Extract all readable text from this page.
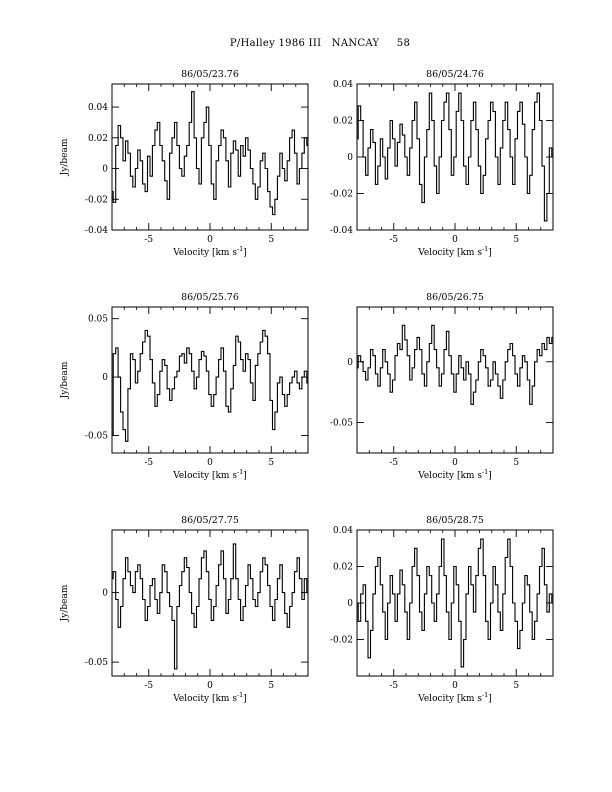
P/Halley 1986 III   NANCAY     58
-5	0	5
-0.04
-0.02
0
0.02
0.04
86/05/23.76
Velocity [km $s^{-1}$]
Jy/beam
-5	0	5
-0.04
-0.02
0
0.02
0.04
86/05/24.76
Velocity [km $s^{-1}$]
-5	0	5
-0.05
0
0.05
86/05/25.76
Velocity [km $s^{-1}$]
Jy/beam
-5	0	5
-0.05
0
86/05/26.75
Velocity [km $s^{-1}$]
-5	0	5
-0.05
0
86/05/27.75
Velocity [km $s^{-1}$]
Jy/beam
-5	0	5
-0.02
0
0.02
0.04
86/05/28.75
Velocity [km $s^{-1}$]
